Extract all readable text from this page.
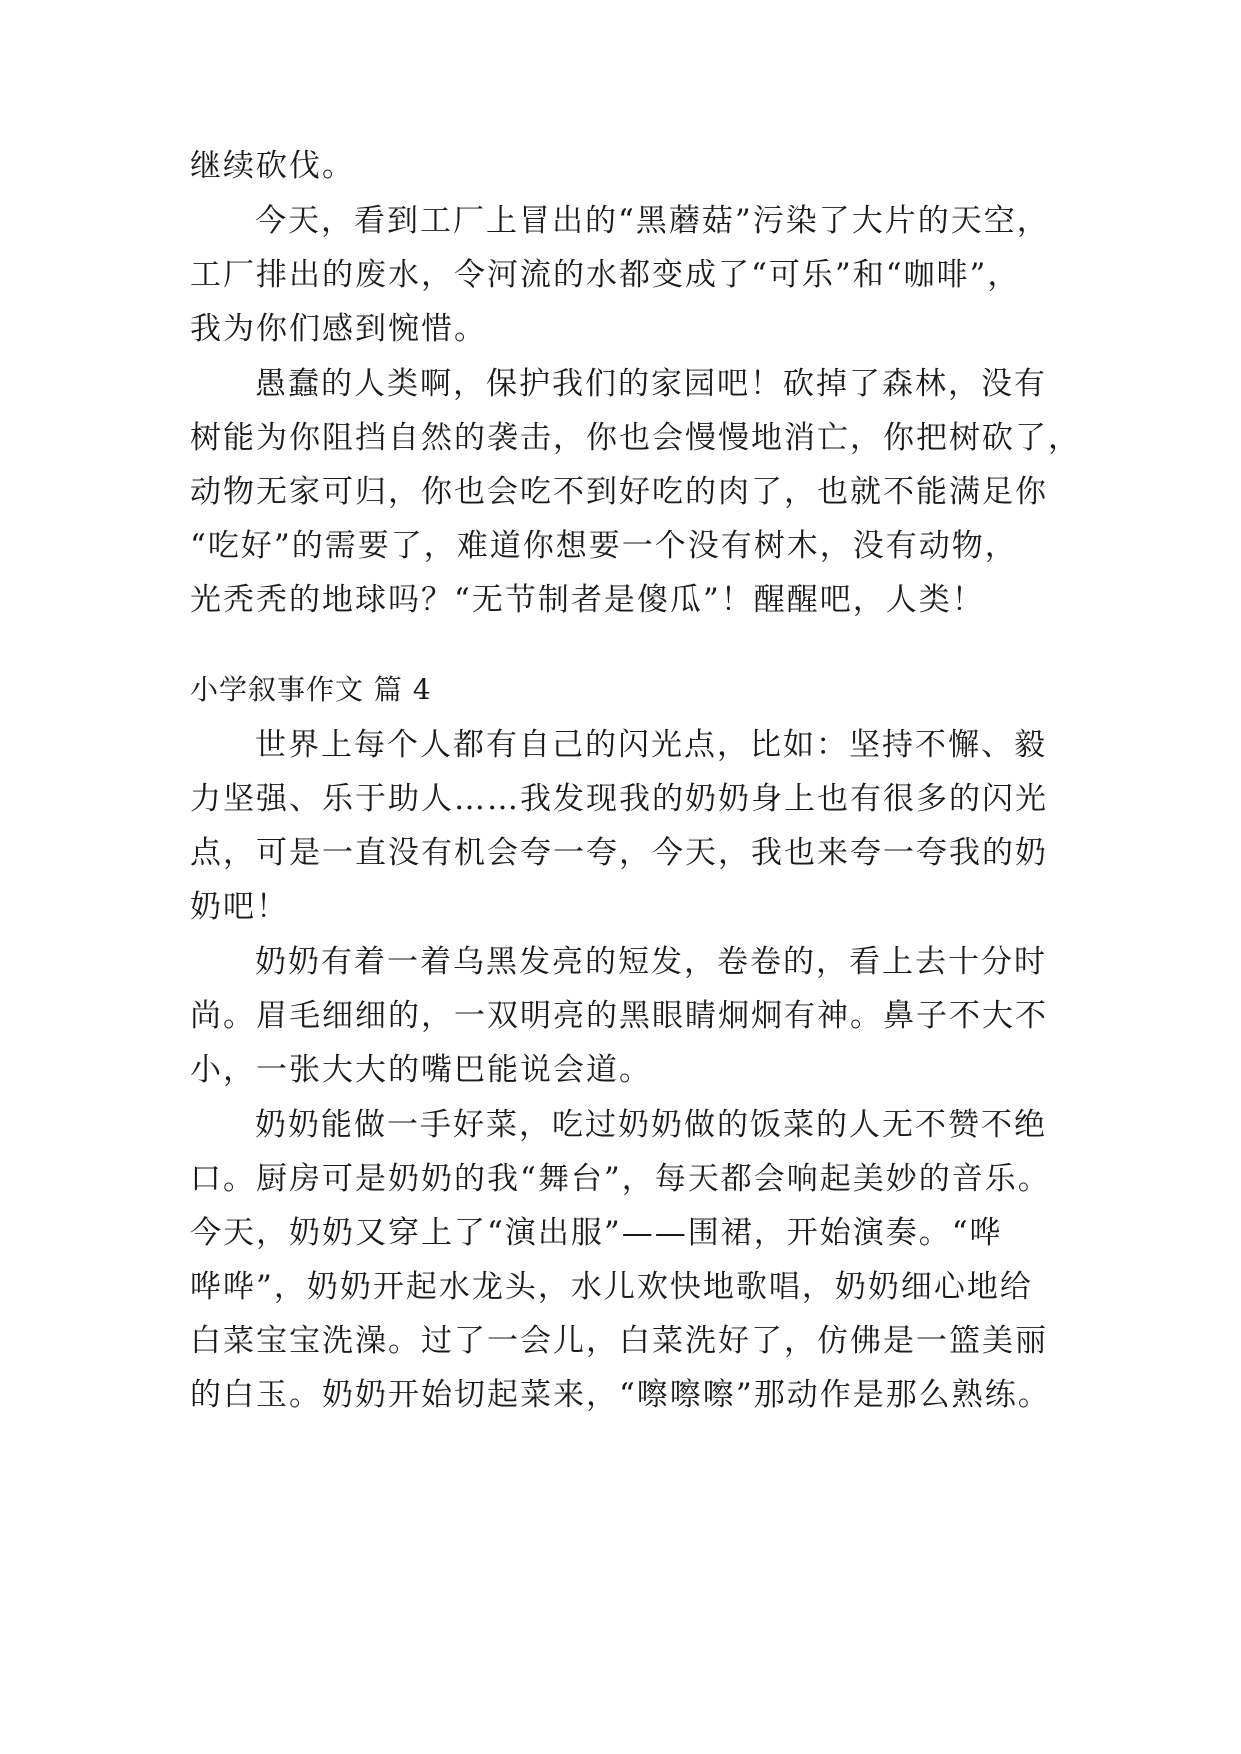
继续砍伐。

今天，看到工厂上冒出的“黑蘑菇”污染了大片的天空，

工厂排出的废水，令河流的水都变成了“可乐”和“咖啡”，

我为你们感到惋惜。

愚蠢的人类啊，保护我们的家园吧！砍掉了森林，没有

树能为你阻挡自然的袭击，你也会慢慢地消亡，你把树砍了，

动物无家可归，你也会吃不到好吃的肉了，也就不能满足你

“吃好”的需要了，难道你想要一个没有树木，没有动物，

光秃秃的地球吗？“无节制者是傻瓜”！醒醒吧，人类！

小学叙事作文 篇 4

世界上每个人都有自己的闪光点，比如：坚持不懈、毅

力坚强、乐于助人……我发现我的奶奶身上也有很多的闪光

点，可是一直没有机会夸一夸，今天，我也来夸一夸我的奶

奶吧！

奶奶有着一着乌黑发亮的短发，卷卷的，看上去十分时

尚。眉毛细细的，一双明亮的黑眼睛炯炯有神。鼻子不大不

小，一张大大的嘴巴能说会道。

奶奶能做一手好菜，吃过奶奶做的饭菜的人无不赞不绝

口。厨房可是奶奶的我“舞台”，每天都会响起美妙的音乐。

今天，奶奶又穿上了“演出服”——围裙，开始演奏。“哗

哗哗”，奶奶开起水龙头，水儿欢快地歌唱，奶奶细心地给

白菜宝宝洗澡。过了一会儿，白菜洗好了，仿佛是一篮美丽

的白玉。奶奶开始切起菜来，“嚓嚓嚓”那动作是那么熟练。
